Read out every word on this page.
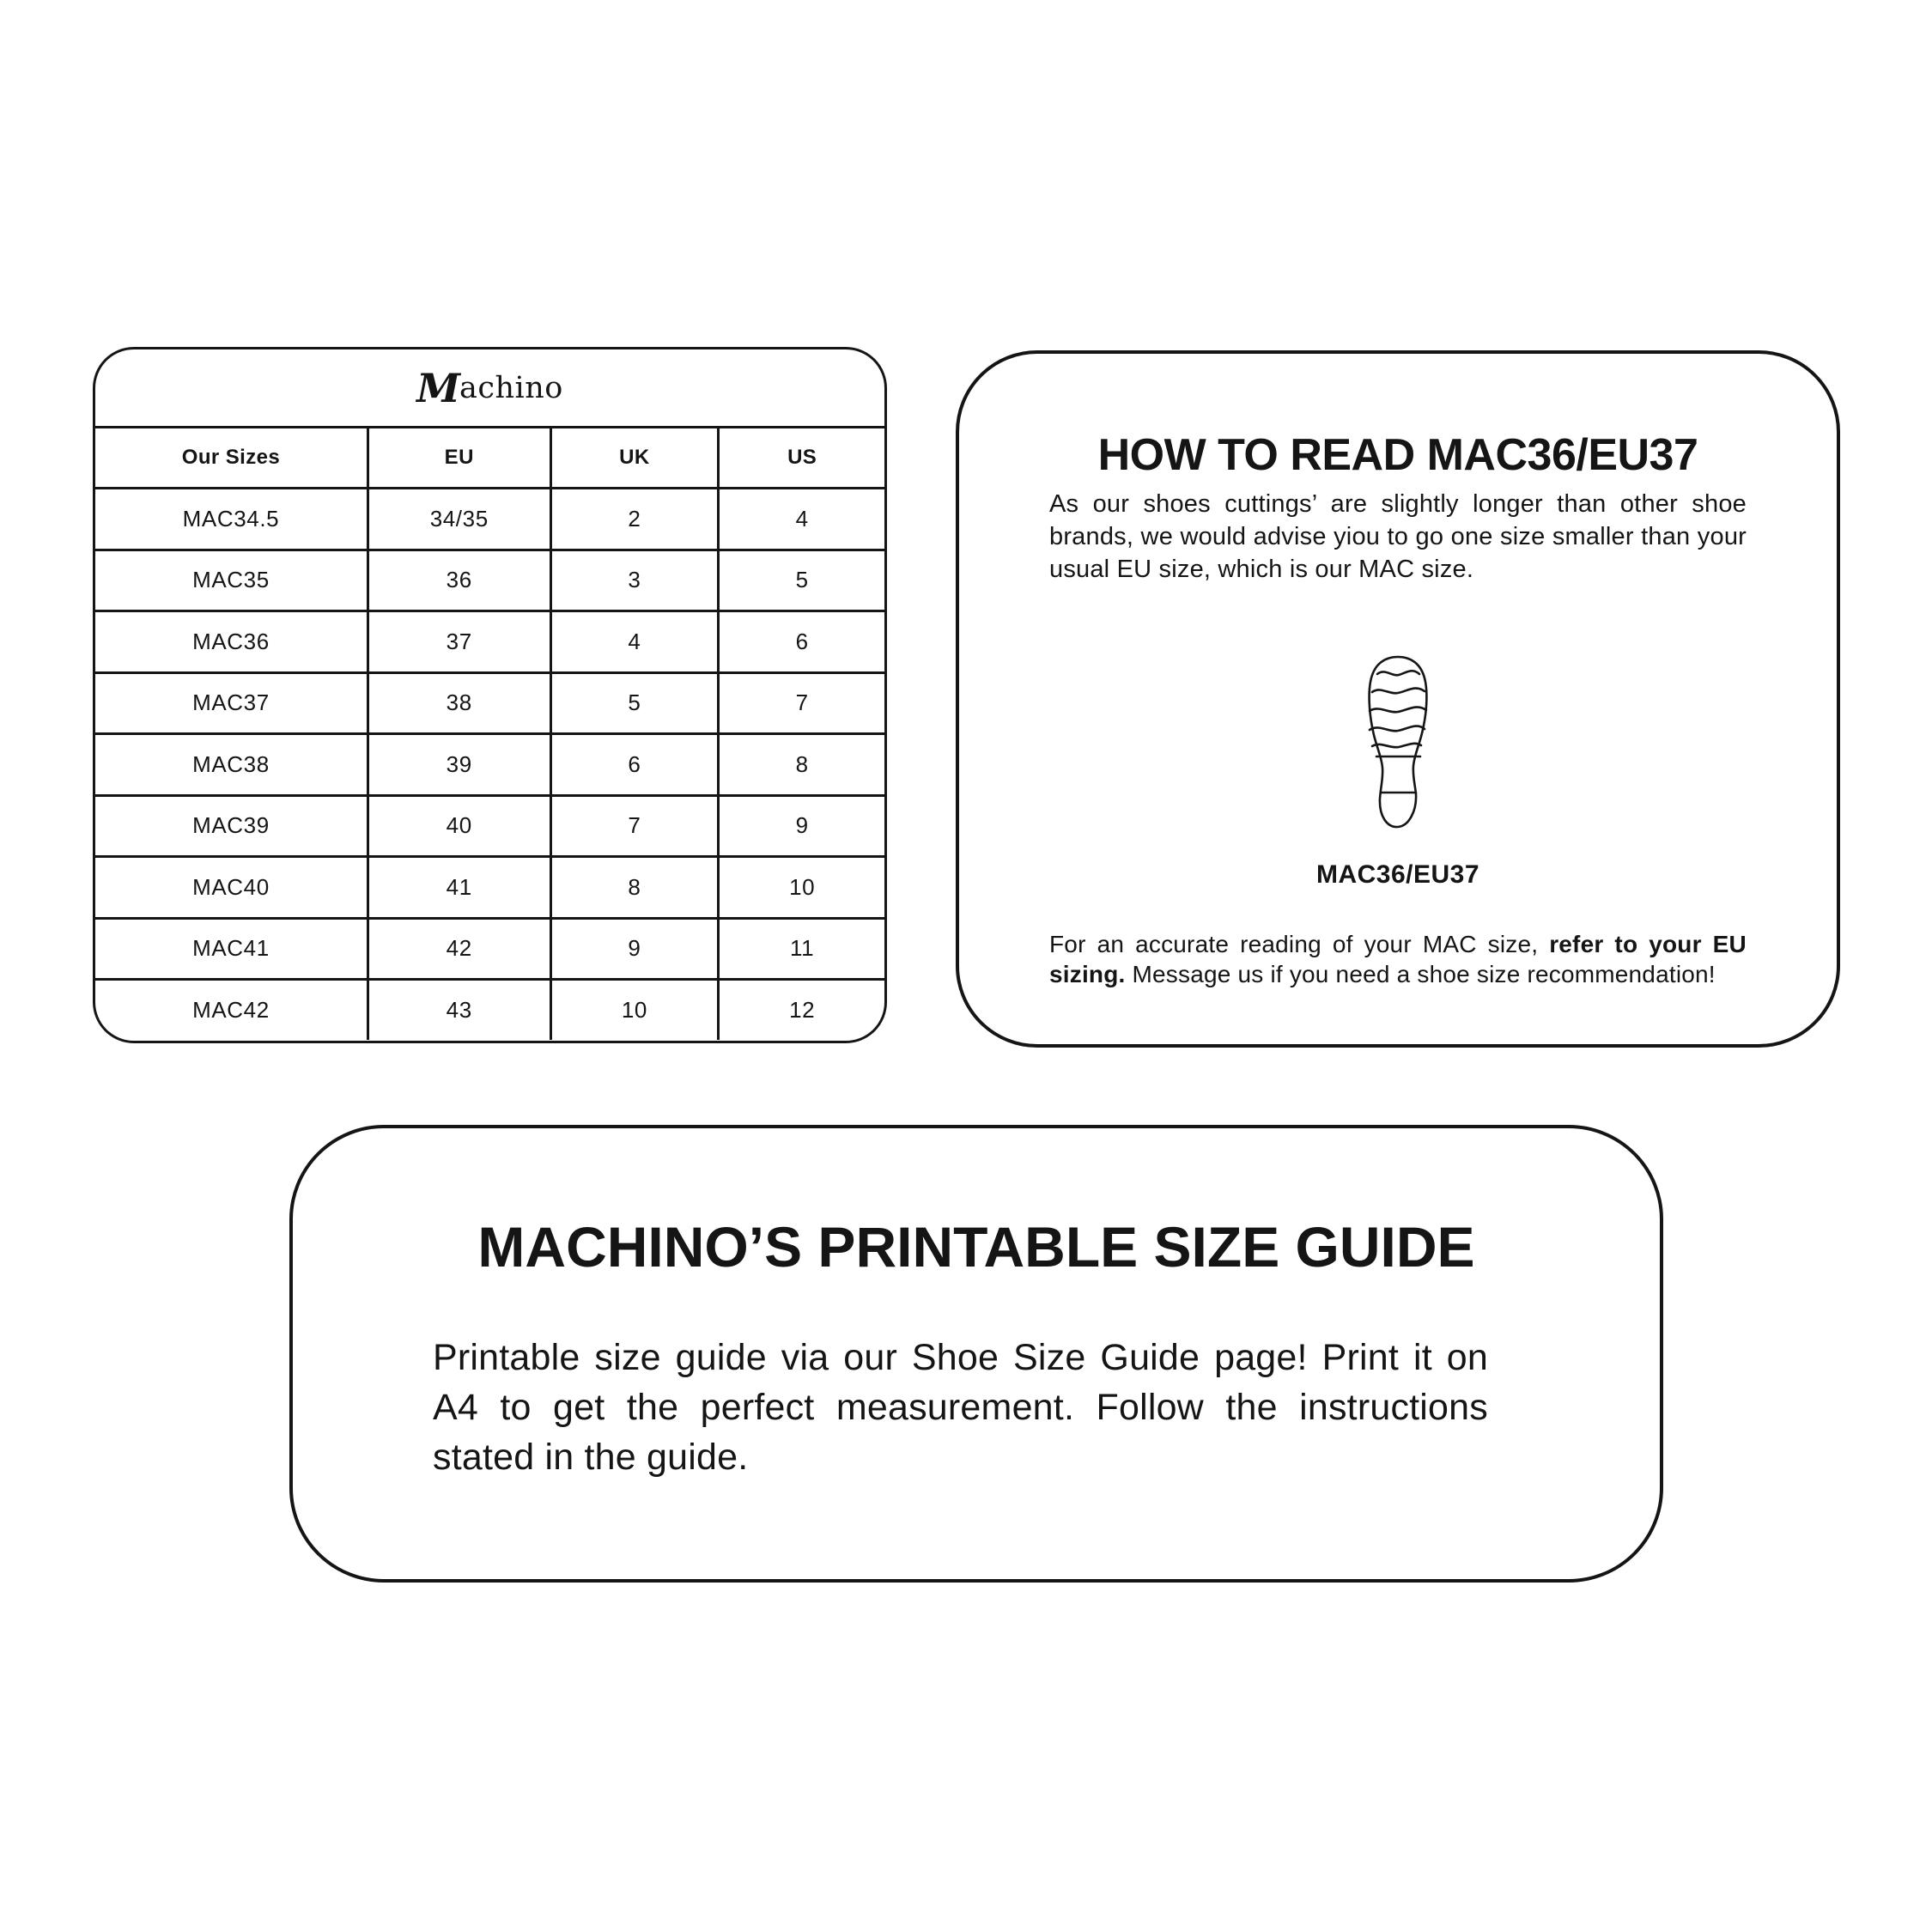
M achino
Our Sizes	EU	UK	US
MAC34.5	34/35	2	4
MAC35	36	3	5
MAC36	37	4	6
MAC37	38	5	7
MAC38	39	6	8
MAC39	40	7	9
MAC40	41	8	10
MAC41	42	9	11
MAC42	43	10	12
HOW TO READ MAC36/EU37

As our shoes cuttings’ are slightly longer than other shoe brands, we would advise yiou to go one size smaller than your usual EU size, which is our MAC size.

MAC36/EU37

For an accurate reading of your MAC size, refer to your EU sizing. Message us if you need a shoe size recommendation!

MACHINO’S PRINTABLE SIZE GUIDE

Printable size guide via our Shoe Size Guide page! Print it on A4 to get the perfect measurement. Follow the instructions stated in the guide.
